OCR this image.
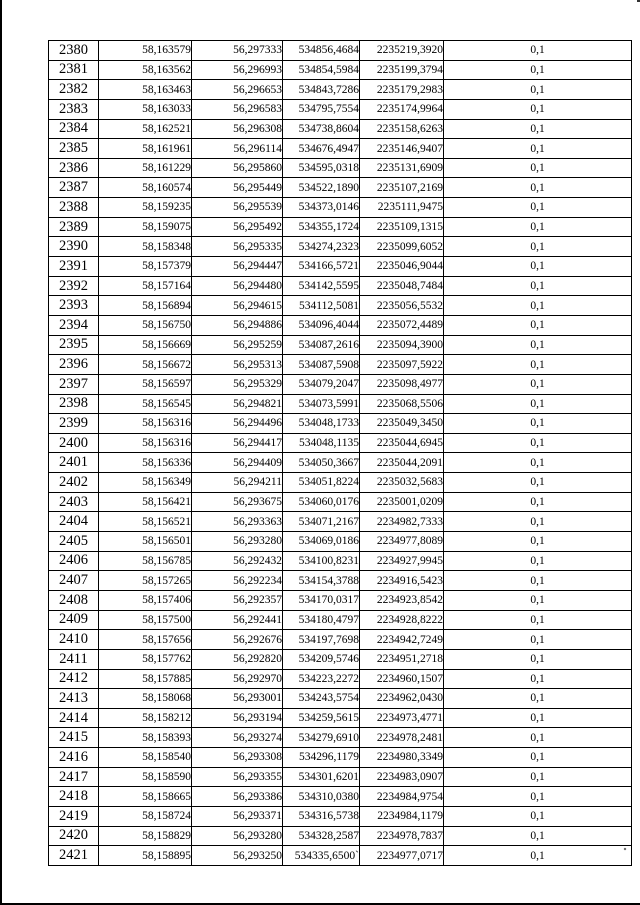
2380	58,163579	56,297333	534856,4684	2235219,3920	0,1
2381	58,163562	56,296993	534854,5984	2235199,3794	0,1
2382	58,163463	56,296653	534843,7286	2235179,2983	0,1
2383	58,163033	56,296583	534795,7554	2235174,9964	0,1
2384	58,162521	56,296308	534738,8604	2235158,6263	0,1
2385	58,161961	56,296114	534676,4947	2235146,9407	0,1
2386	58,161229	56,295860	534595,0318	2235131,6909	0,1
2387	58,160574	56,295449	534522,1890	2235107,2169	0,1
2388	58,159235	56,295539	534373,0146	2235111,9475	0,1
2389	58,159075	56,295492	534355,1724	2235109,1315	0,1
2390	58,158348	56,295335	534274,2323	2235099,6052	0,1
2391	58,157379	56,294447	534166,5721	2235046,9044	0,1
2392	58,157164	56,294480	534142,5595	2235048,7484	0,1
2393	58,156894	56,294615	534112,5081	2235056,5532	0,1
2394	58,156750	56,294886	534096,4044	2235072,4489	0,1
2395	58,156669	56,295259	534087,2616	2235094,3900	0,1
2396	58,156672	56,295313	534087,5908	2235097,5922	0,1
2397	58,156597	56,295329	534079,2047	2235098,4977	0,1
2398	58,156545	56,294821	534073,5991	2235068,5506	0,1
2399	58,156316	56,294496	534048,1733	2235049,3450	0,1
2400	58,156316	56,294417	534048,1135	2235044,6945	0,1
2401	58,156336	56,294409	534050,3667	2235044,2091	0,1
2402	58,156349	56,294211	534051,8224	2235032,5683	0,1
2403	58,156421	56,293675	534060,0176	2235001,0209	0,1
2404	58,156521	56,293363	534071,2167	2234982,7333	0,1
2405	58,156501	56,293280	534069,0186	2234977,8089	0,1
2406	58,156785	56,292432	534100,8231	2234927,9945	0,1
2407	58,157265	56,292234	534154,3788	2234916,5423	0,1
2408	58,157406	56,292357	534170,0317	2234923,8542	0,1
2409	58,157500	56,292441	534180,4797	2234928,8222	0,1
2410	58,157656	56,292676	534197,7698	2234942,7249	0,1
2411	58,157762	56,292820	534209,5746	2234951,2718	0,1
2412	58,157885	56,292970	534223,2272	2234960,1507	0,1
2413	58,158068	56,293001	534243,5754	2234962,0430	0,1
2414	58,158212	56,293194	534259,5615	2234973,4771	0,1
2415	58,158393	56,293274	534279,6910	2234978,2481	0,1
2416	58,158540	56,293308	534296,1179	2234980,3349	0,1
2417	58,158590	56,293355	534301,6201	2234983,0907	0,1
2418	58,158665	56,293386	534310,0380	2234984,9754	0,1
2419	58,158724	56,293371	534316,5738	2234984,1179	0,1
2420	58,158829	56,293280	534328,2587	2234978,7837	0,1
2421	58,158895	56,293250	534335,6500`	2234977,0717	0,1
